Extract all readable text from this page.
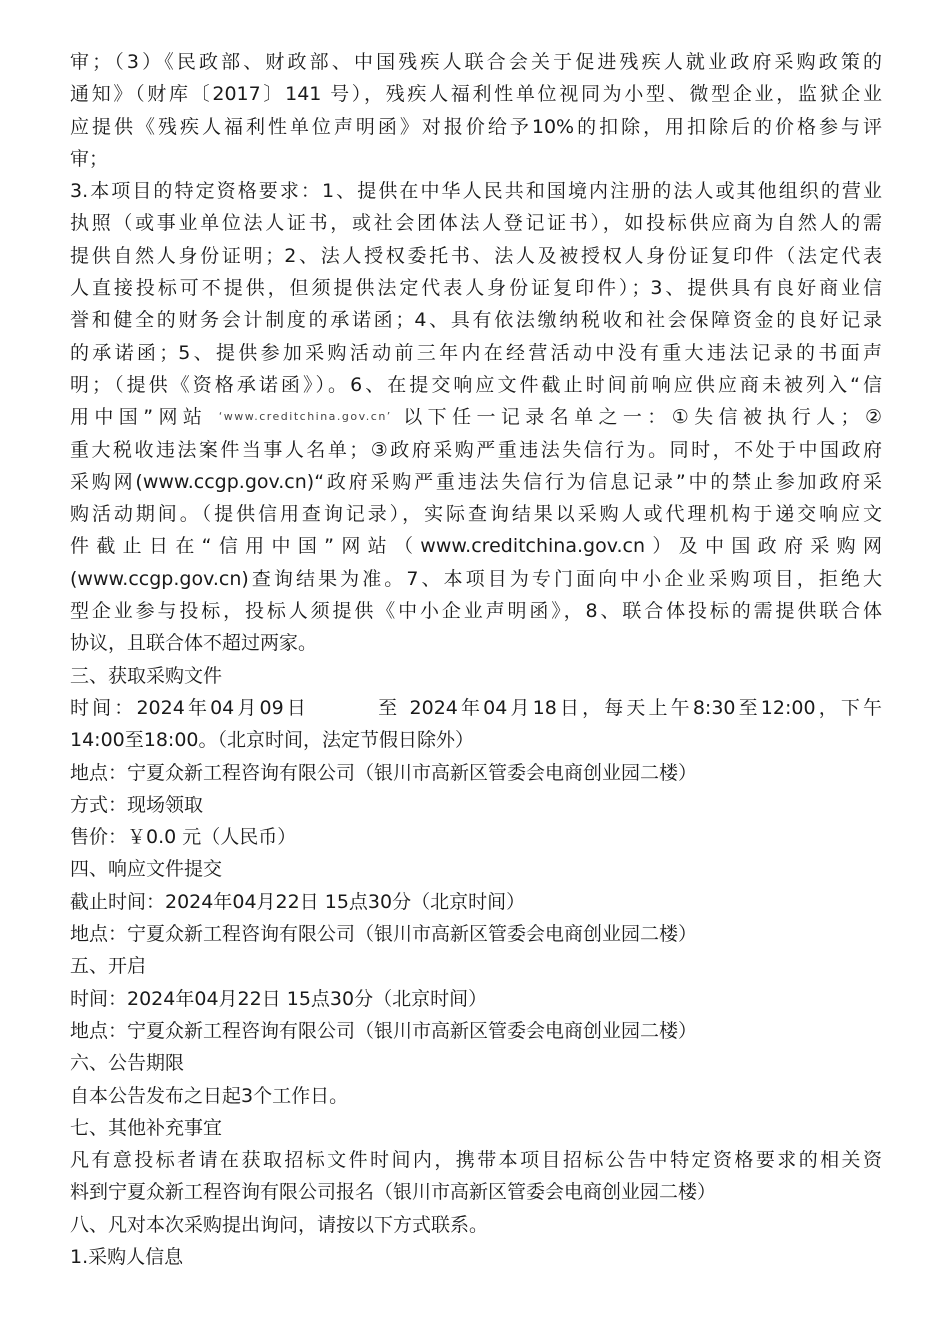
审；（3）《民政部、财政部、中国残疾人联合会关于促进残疾人就业政府采购政策的
通知》（财库〔2017〕141 号），残疾人福利性单位视同为小型、微型企业，监狱企业
应提供《残疾人福利性单位声明函》对报价给予10%的扣除，用扣除后的价格参与评
审；
3.本项目的特定资格要求：1、提供在中华人民共和国境内注册的法人或其他组织的营业
执照（或事业单位法人证书，或社会团体法人登记证书），如投标供应商为自然人的需
提供自然人身份证明；2、法人授权委托书、法人及被授权人身份证复印件（法定代表
人直接投标可不提供，但须提供法定代表人身份证复印件）；3、提供具有良好商业信
誉和健全的财务会计制度的承诺函；4、具有依法缴纳税收和社会保障资金的良好记录
的承诺函；5、提供参加采购活动前三年内在经营活动中没有重大违法记录的书面声
明；（提供《资格承诺函》）。6、在提交响应文件截止时间前响应供应商未被列入“信
用中国”网站 ‘www.creditchina.gov.cn’ 以下任一记录名单之一：①失信被执行人；②
重大税收违法案件当事人名单；③政府采购严重违法失信行为。同时，不处于中国政府
采购网(www.ccgp.gov.cn)“政府采购严重违法失信行为信息记录”中的禁止参加政府采
购活动期间。（提供信用查询记录），实际查询结果以采购人或代理机构于递交响应文
件截止日在“信用中国”网站（www.creditchina.gov.cn）及中国政府采购网
(www.ccgp.gov.cn)查询结果为准。7、本项目为专门面向中小企业采购项目，拒绝大
型企业参与投标，投标人须提供《中小企业声明函》，8、联合体投标的需提供联合体
协议，且联合体不超过两家。
三、获取采购文件
时间：2024年04月09日	至 2024年04月18日，每天上午8:30至12:00，下午
14:00至18:00。（北京时间，法定节假日除外）
地点：宁夏众新工程咨询有限公司（银川市高新区管委会电商创业园二楼）
方式：现场领取
售价：￥0.0 元（人民币）
四、响应文件提交
截止时间：2024年04月22日 15点30分（北京时间）
地点：宁夏众新工程咨询有限公司（银川市高新区管委会电商创业园二楼）
五、开启
时间：2024年04月22日 15点30分（北京时间）
地点：宁夏众新工程咨询有限公司（银川市高新区管委会电商创业园二楼）
六、公告期限
自本公告发布之日起3个工作日。
七、其他补充事宜
凡有意投标者请在获取招标文件时间内，携带本项目招标公告中特定资格要求的相关资
料到宁夏众新工程咨询有限公司报名（银川市高新区管委会电商创业园二楼）
八、凡对本次采购提出询问，请按以下方式联系。
1.采购人信息
